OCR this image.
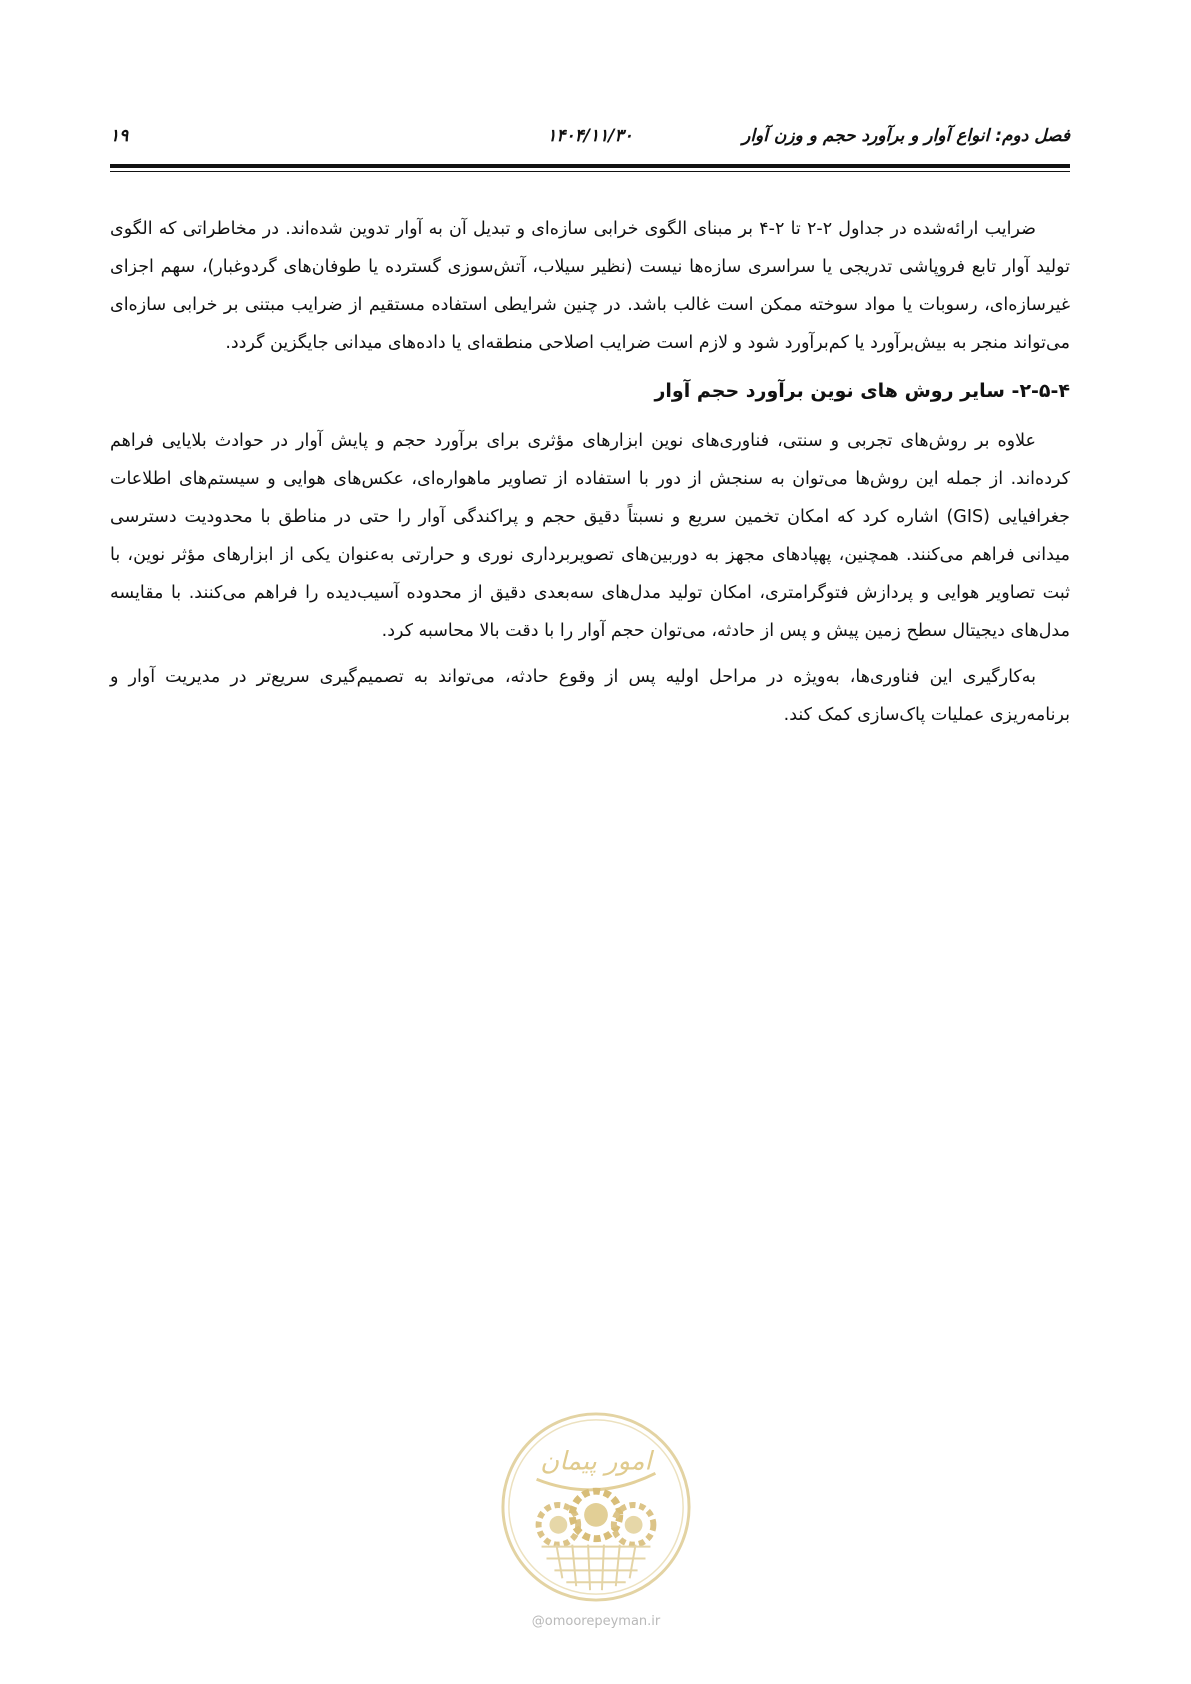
فصل دوم: انواع آوار و برآورد حجم و وزن آوار
۱۴۰۴/۱۱/۳۰
۱۹

ضرایب ارائه‌شده در جداول ۲-۲ تا ۲-۴ بر مبنای الگوی خرابی سازه‌ای و تبدیل آن به آوار تدوین شده‌اند. در مخاطراتی که الگوی تولید آوار تابع فروپاشی تدریجی یا سراسری سازه‌ها نیست (نظیر سیلاب، آتش‌سوزی گسترده یا طوفان‌های گردوغبار)، سهم اجزای غیرسازه‌ای، رسوبات یا مواد سوخته ممکن است غالب باشد. در چنین شرایطی استفاده مستقیم از ضرایب مبتنی بر خرابی سازه‌ای می‌تواند منجر به بیش‌برآورد یا کم‌برآورد شود و لازم است ضرایب اصلاحی منطقه‌ای یا داده‌های میدانی جایگزین گردد.

۲-۵-۴- سایر روش های نوین برآورد حجم آوار

علاوه بر روش‌های تجربی و سنتی، فناوری‌های نوین ابزارهای مؤثری برای برآورد حجم و پایش آوار در حوادث بلایایی فراهم کرده‌اند. از جمله این روش‌ها می‌توان به سنجش از دور با استفاده از تصاویر ماهواره‌ای، عکس‌های هوایی و سیستم‌های اطلاعات جغرافیایی (GIS) اشاره کرد که امکان تخمین سریع و نسبتاً دقیق حجم و پراکندگی آوار را حتی در مناطق با محدودیت دسترسی میدانی فراهم می‌کنند. همچنین، پهپادهای مجهز به دوربین‌های تصویربرداری نوری و حرارتی به‌عنوان یکی از ابزارهای مؤثر نوین، با ثبت تصاویر هوایی و پردازش فتوگرامتری، امکان تولید مدل‌های سه‌بعدی دقیق از محدوده آسیب‌دیده را فراهم می‌کنند. با مقایسه مدل‌های دیجیتال سطح زمین پیش و پس از حادثه، می‌توان حجم آوار را با دقت بالا محاسبه کرد.

به‌کارگیری این فناوری‌ها، به‌ویژه در مراحل اولیه پس از وقوع حادثه، می‌تواند به تصمیم‌گیری سریع‌تر در مدیریت آوار و برنامه‌ریزی عملیات پاک‌سازی کمک کند.

امور پیمان
@omoorepeyman.ir
